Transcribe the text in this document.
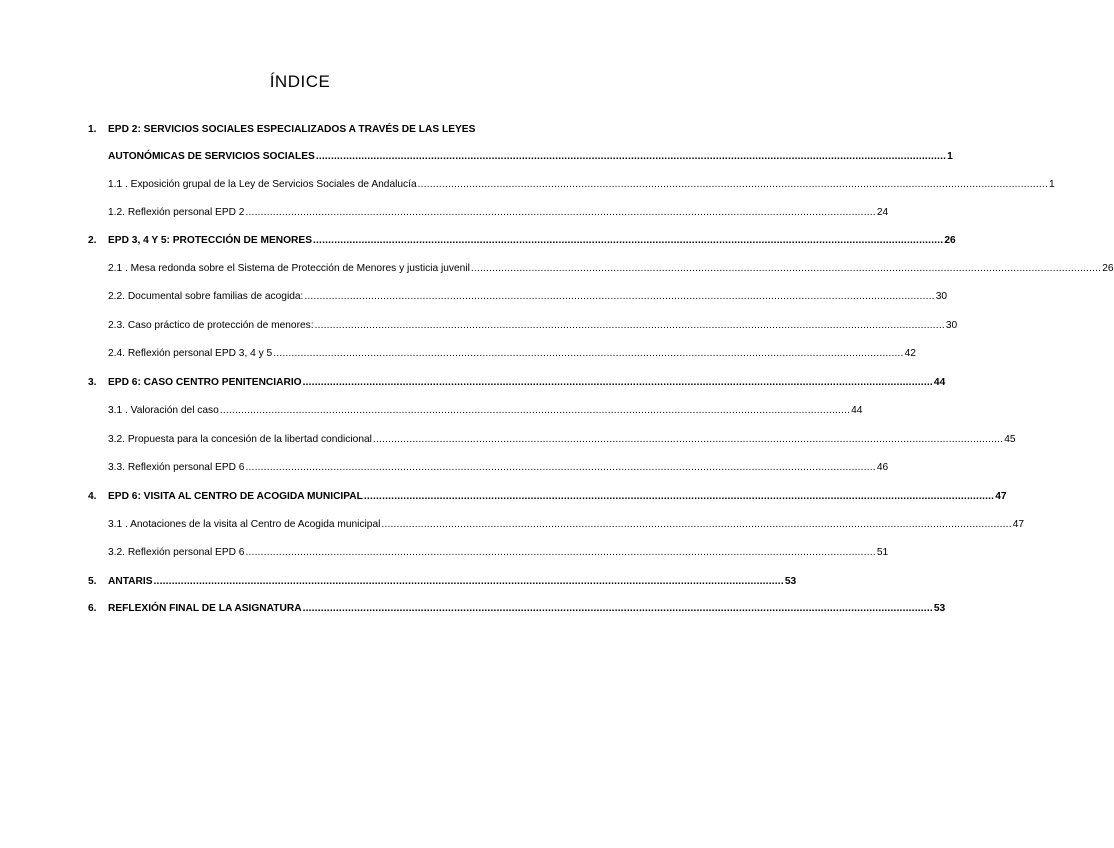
ÍNDICE
1.	EPD 2: SERVICIOS SOCIALES ESPECIALIZADOS A TRAVÉS DE LAS LEYES
AUTONÓMICAS DE SERVICIOS SOCIALES .....	1
1.1 . Exposición grupal de la Ley de Servicios Sociales de Andalucía .....	1
1.2. Reflexión personal EPD 2 .....	24
2.	EPD 3, 4 Y 5: PROTECCIÓN DE MENORES .....	26
2.1 . Mesa redonda sobre el Sistema de Protección de Menores y justicia juvenil .....	26
2.2. Documental sobre familias de acogida: .....	30
2.3. Caso práctico de protección de menores: .....	30
2.4. Reflexión personal EPD 3, 4 y 5 .....	42
3.	EPD 6: CASO CENTRO PENITENCIARIO .....	44
3.1 . Valoración del caso .....	44
3.2. Propuesta para la concesión de la libertad condicional .....	45
3.3. Reflexión personal EPD 6 .....	46
4.	EPD 6: VISITA AL CENTRO DE ACOGIDA MUNICIPAL .....	47
3.1 . Anotaciones de la visita al Centro de Acogida municipal .....	47
3.2. Reflexión personal EPD 6 .....	51
5.	ANTARIS .....	53
6.	REFLEXIÓN FINAL DE LA ASIGNATURA .....	53
